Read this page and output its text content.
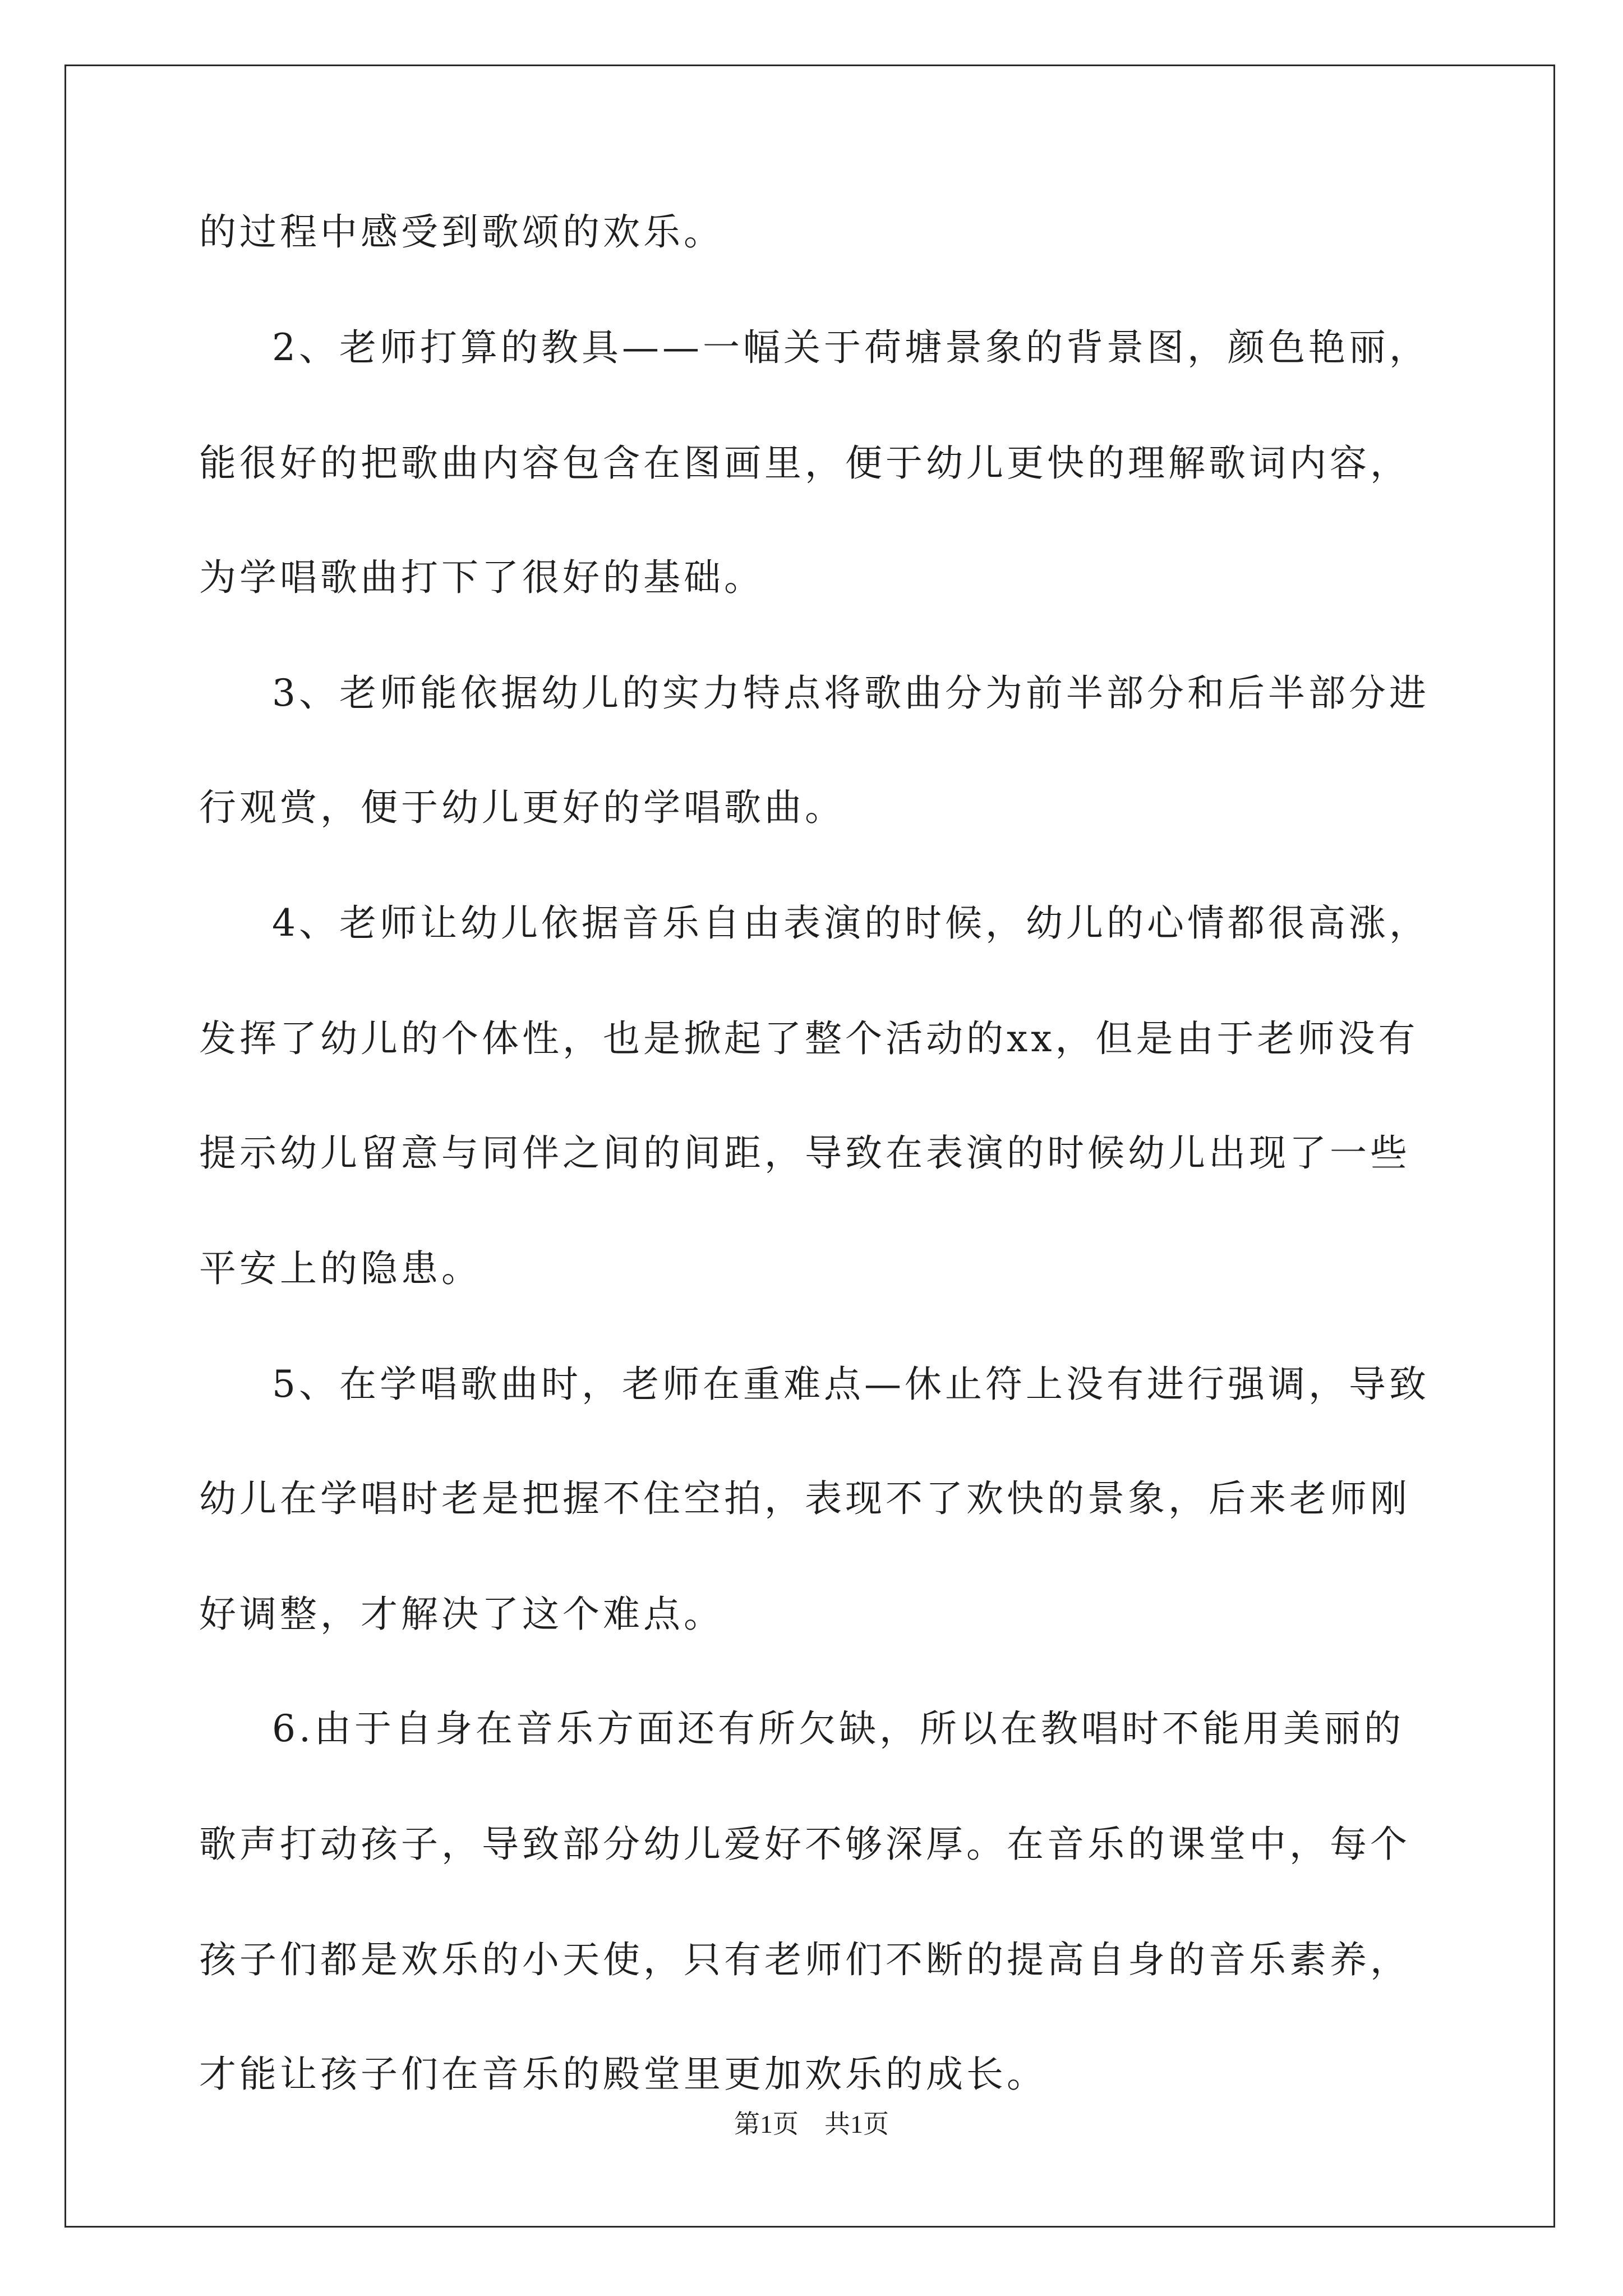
的过程中感受到歌颂的欢乐。
2、老师打算的教具——一幅关于荷塘景象的背景图，颜色艳丽，
能很好的把歌曲内容包含在图画里，便于幼儿更快的理解歌词内容，
为学唱歌曲打下了很好的基础。
3、老师能依据幼儿的实力特点将歌曲分为前半部分和后半部分进
行观赏，便于幼儿更好的学唱歌曲。
4、老师让幼儿依据音乐自由表演的时候，幼儿的心情都很高涨，
发挥了幼儿的个体性，也是掀起了整个活动的xx，但是由于老师没有
提示幼儿留意与同伴之间的间距，导致在表演的时候幼儿出现了一些
平安上的隐患。
5、在学唱歌曲时，老师在重难点—休止符上没有进行强调，导致
幼儿在学唱时老是把握不住空拍，表现不了欢快的景象，后来老师刚
好调整，才解决了这个难点。
6.由于自身在音乐方面还有所欠缺，所以在教唱时不能用美丽的
歌声打动孩子，导致部分幼儿爱好不够深厚。在音乐的课堂中，每个
孩子们都是欢乐的小天使，只有老师们不断的提高自身的音乐素养，
才能让孩子们在音乐的殿堂里更加欢乐的成长。
第1页　共1页
